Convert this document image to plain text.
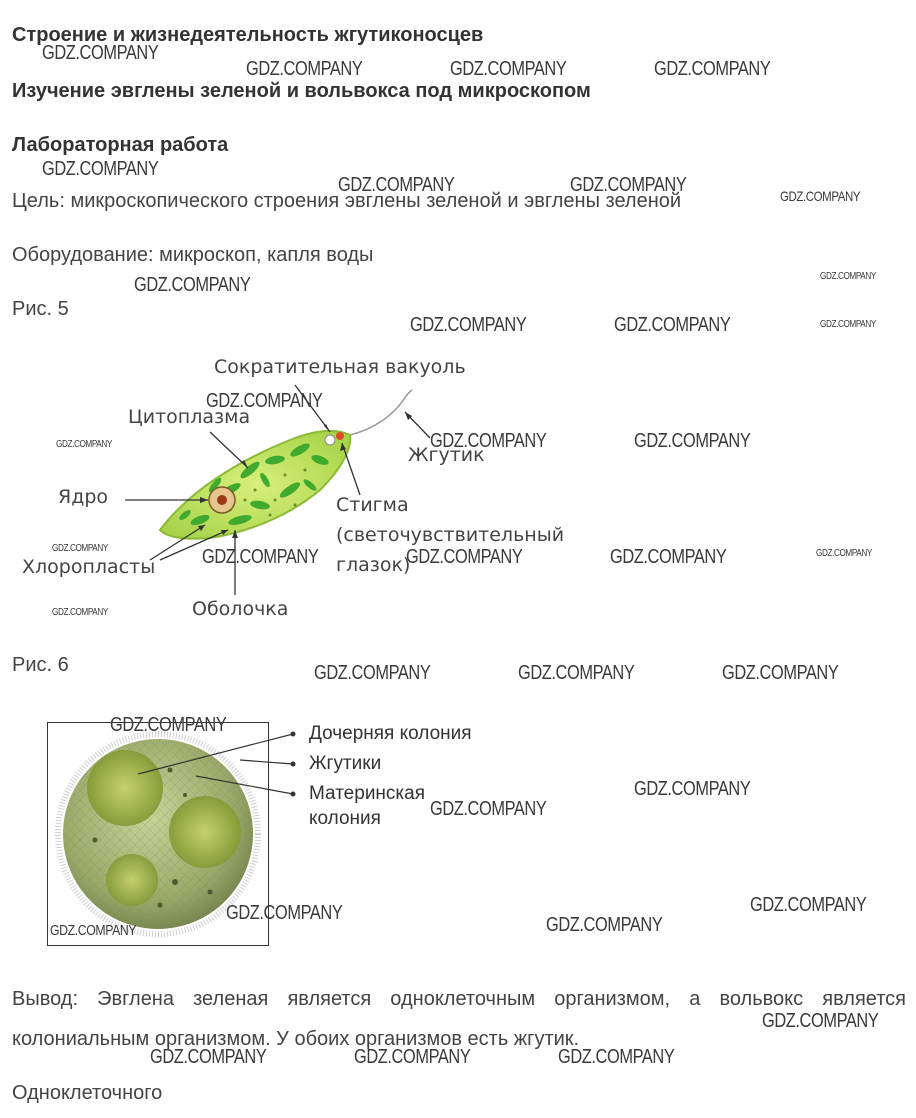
Строение и жизнедеятельность жгутиконосцев
Изучение эвглены зеленой и вольвокса под микроскопом
Лабораторная работа
Цель: микроскопического строения эвглены зеленой и эвглены зеленой
Оборудование: микроскоп, капля воды
Рис. 5
Сократительная вакуоль
Цитоплазма
Жгутик
Ядро	Стигма
(светочувствительный
глазок)
Хлоропласты
Оболочка
Рис. 6
Дочерняя колония
Жгутики
Материнская
колония
Вывод: Эвглена зеленая является одноклеточным организмом, а вольвокс является колониальным организмом. У обоих организмов есть жгутик.
Одноклеточного
GDZ.COMPANY
GDZ.COMPANY	GDZ.COMPANY	GDZ.COMPANY
GDZ.COMPANY
GDZ.COMPANY	GDZ.COMPANY	GDZ.COMPANY
GDZ.COMPANY
GDZ.COMPANY
GDZ.COMPANY	GDZ.COMPANY	GDZ.COMPANY
GDZ.COMPANY
GDZ.COMPANY	GDZ.COMPANY
GDZ.COMPANY
GDZ.COMPANY	GDZ.COMPANY	GDZ.COMPANY	GDZ.COMPANY	GDZ.COMPANY
GDZ.COMPANY
GDZ.COMPANY	GDZ.COMPANY	GDZ.COMPANY
GDZ.COMPANY
GDZ.COMPANY
GDZ.COMPANY
GDZ.COMPANY
GDZ.COMPANY
GDZ.COMPANY
GDZ.COMPANY
GDZ.COMPANY
GDZ.COMPANY	GDZ.COMPANY	GDZ.COMPANY
